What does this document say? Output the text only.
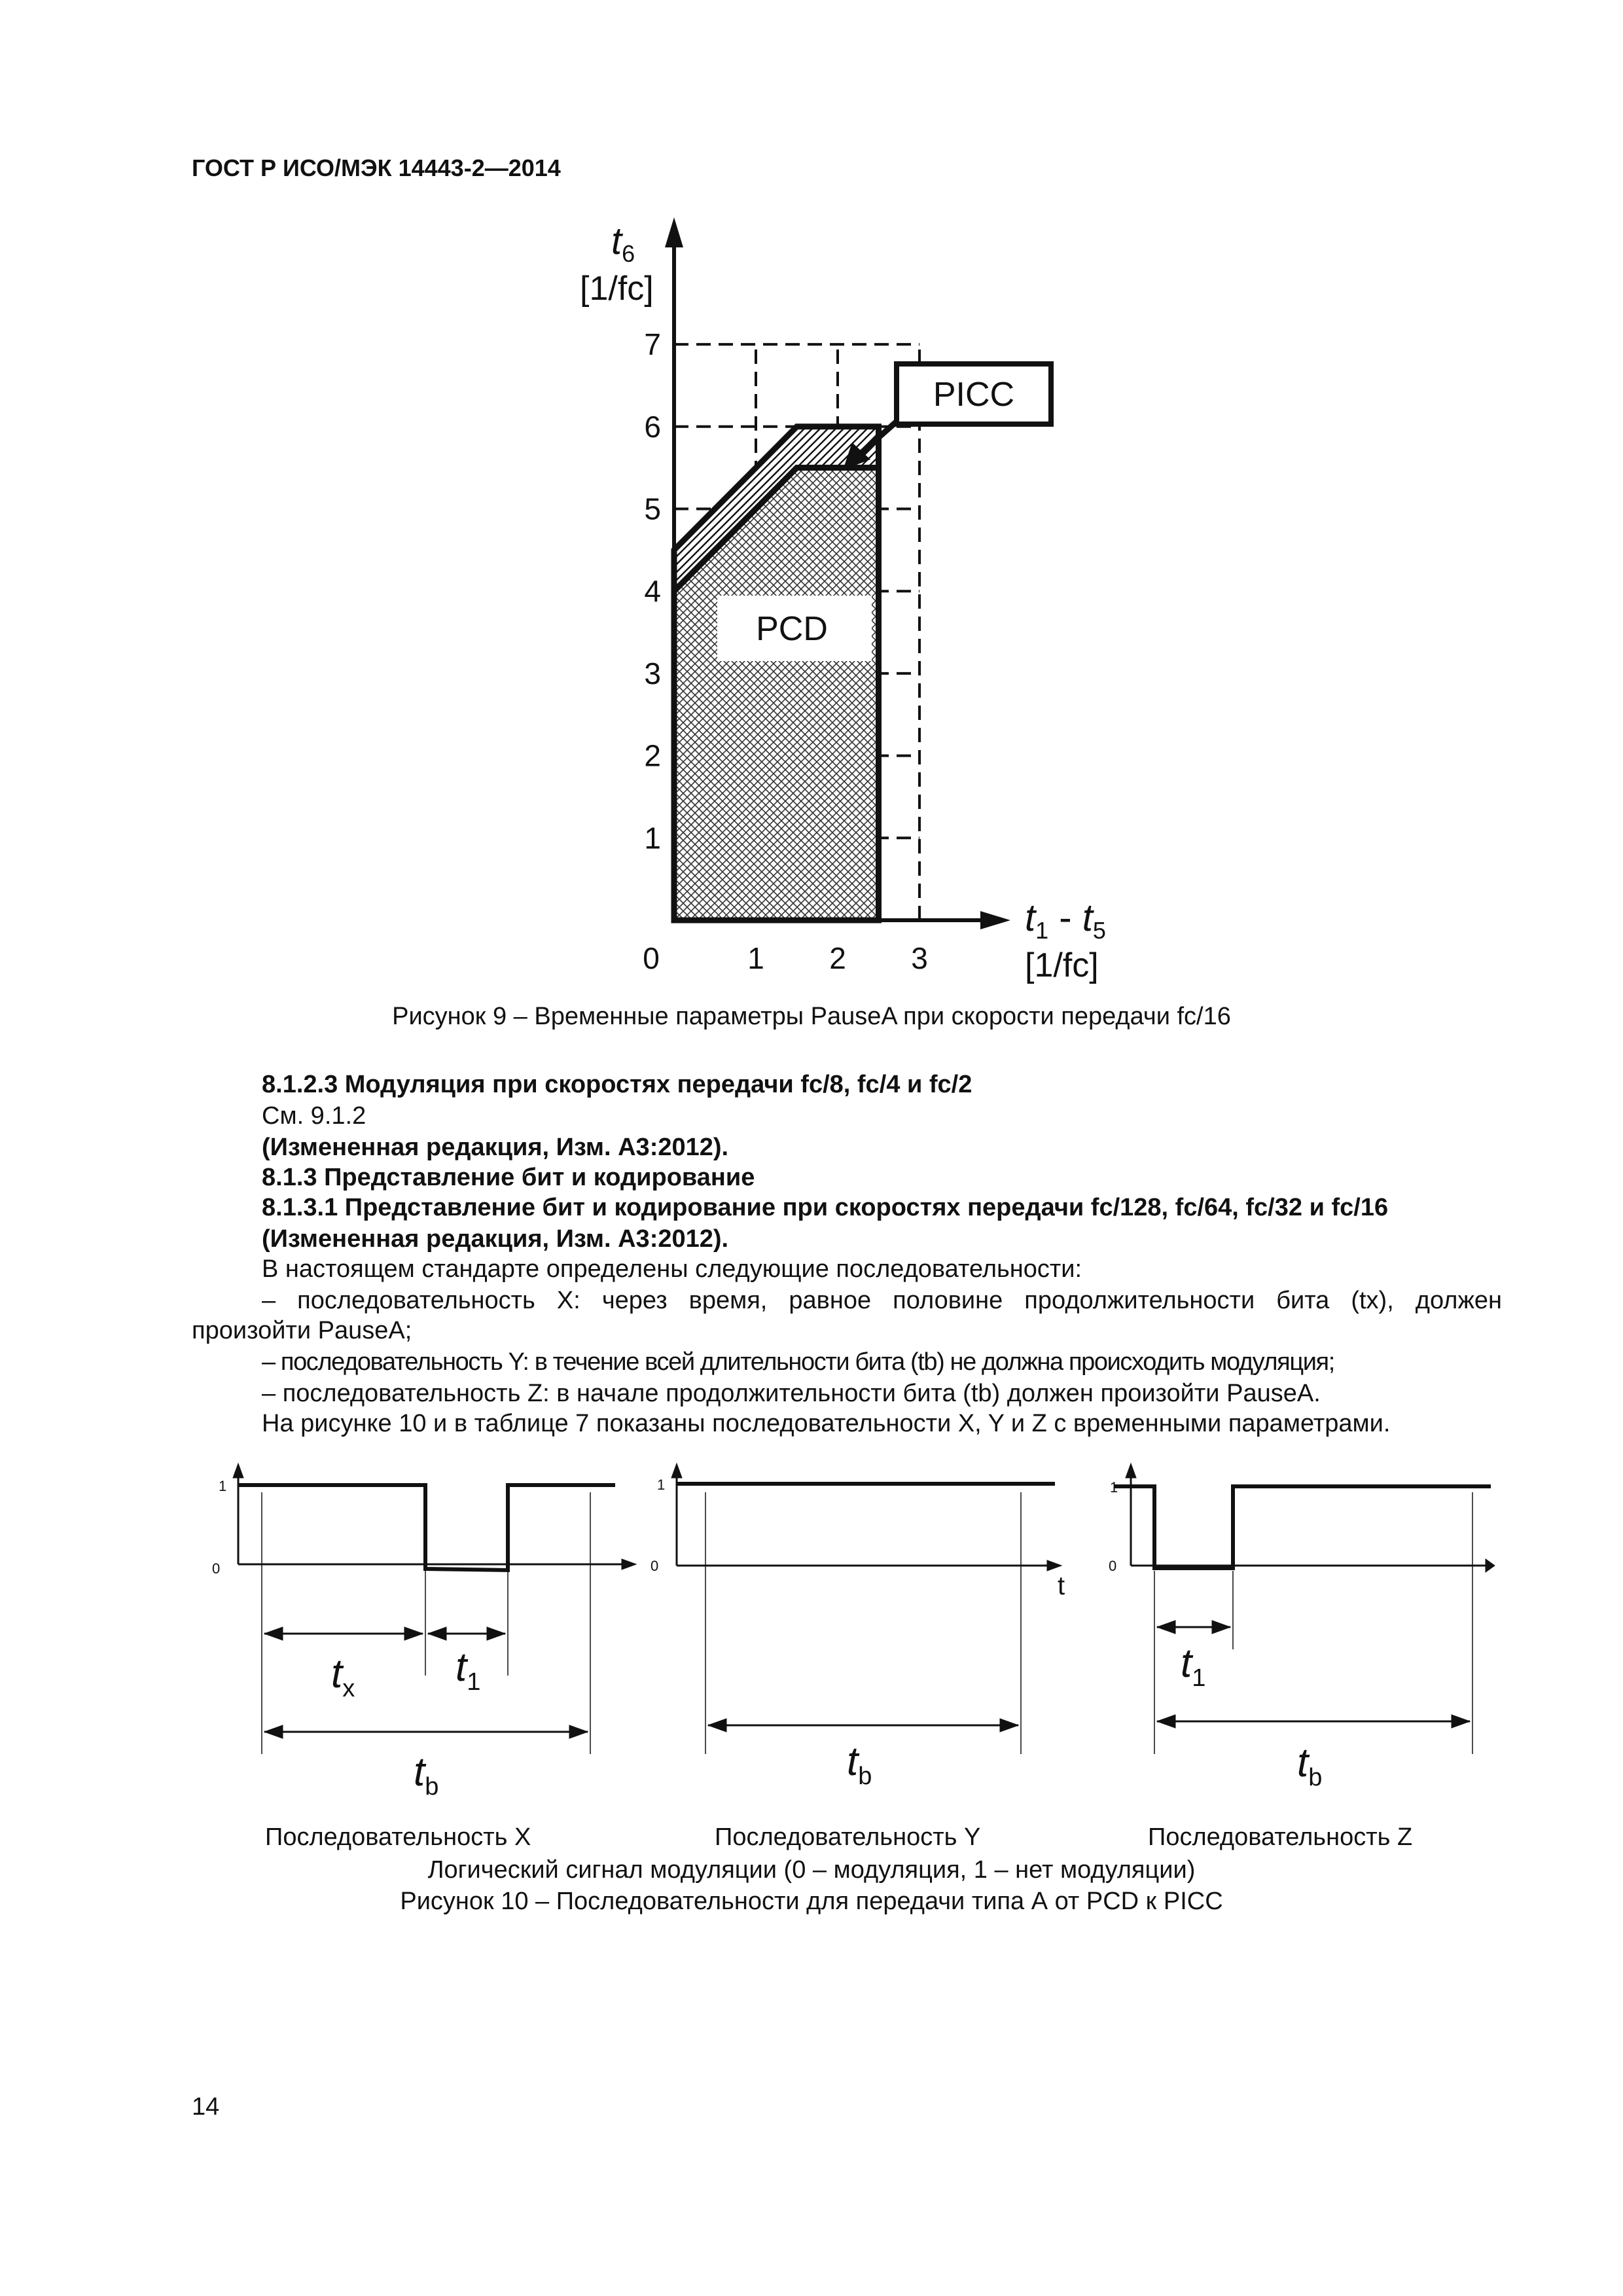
ГОСТ Р ИСО/МЭК 14443-2—2014
1
2
3
4
5
6
7
0	1 2 3
$t_6$
[1/fc]
$t_1 - t_5$
[1/fc]
PICC
PCD
Рисунок 9 – Временные параметры PauseA при скорости передачи fc/16
8.1.2.3 Модуляция при скоростях передачи fc/8, fc/4 и fc/2
См. 9.1.2
(Измененная редакция, Изм. А3:2012).
8.1.3 Представление бит и кодирование
8.1.3.1 Представление бит и кодирование при скоростях передачи fc/128, fc/64, fc/32 и fc/16
(Измененная редакция, Изм. А3:2012).
В настоящем стандарте определены следующие последовательности:
– последовательность X: через время, равное половине продолжительности бита (tx), должен
произойти PauseA;
– последовательность Y: в течение всей длительности бита (tb) не должна происходить модуляция;
– последовательность Z: в начале продолжительности бита (tb) должен произойти PauseA.
На рисунке 10 и в таблице 7 показаны последовательности X, Y и Z с временными параметрами.
1
0
1
0
1
0
t
$t_x$ $t_1$
$t_b$
$t_b$
$t_1$
$t_b$
Последовательность X	Последовательность Y	Последовательность Z
Логический сигнал модуляции (0 – модуляция, 1 – нет модуляции)
Рисунок 10 – Последовательности для передачи типа А от PCD к PICC
14
